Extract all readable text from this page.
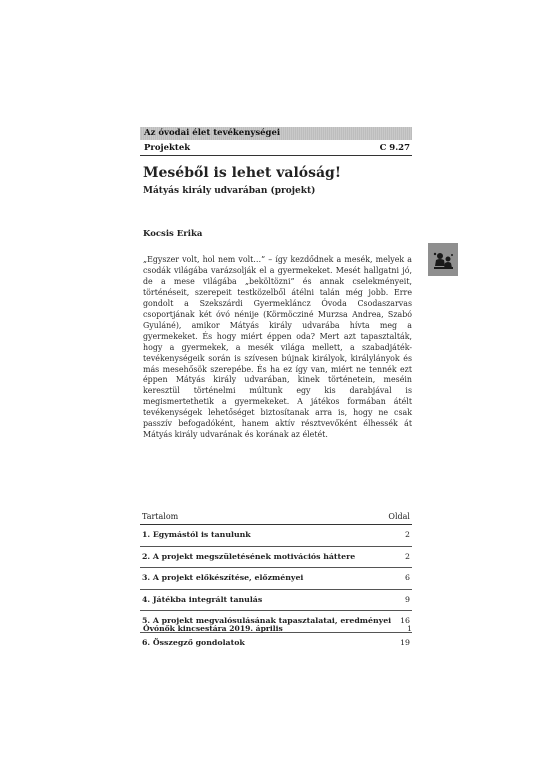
Az óvodai élet tevékenységei
Projektek	C 9.27
Meséből is lehet valóság!
Mátyás király udvarában (projekt)
Kocsis Erika

„Egyszer volt, hol nem volt…” – így kezdődnek a mesék, melyek a csodák világába varázsolják el a gyermekeket. Mesét hallgatni jó, de a mese világába „beköltözni” és annak cselekményeit, történéseit, szerepeit testközelből átélni talán még jobb. Erre gondolt a Szekszárdi Gyermekláncz Óvoda Csodaszarvas csoportjának két óvó nénije (Körmöcziné Murzsa Andrea, Szabó Gyuláné), amikor Mátyás király udvarába hívta meg a gyermekeket. És hogy miért éppen oda? Mert azt tapasztalták, hogy a gyermekek, a mesék világa mellett, a szabadjáték-tevékenységeik során is szívesen bújnak királyok, királylányok és más mesehősök szerepébe. És ha ez így van, miért ne tennék ezt éppen Mátyás király udvarában, kinek történetein, meséin keresztül történelmi múltunk egy kis darabjával is megismertethetik a gyermekeket. A játékos formában átélt tevékenységek lehetőséget biztosítanak arra is, hogy ne csak passzív befogadóként, hanem aktív résztvevőként élhessék át Mátyás király udvarának és korának az életét.

Tartalom	Oldal
1. Egymástól is tanulunk	2
2. A projekt megszületésének motivációs háttere	2
3. A projekt előkészítése, előzményei	6
4. Játékba integrált tanulás	9
5. A projekt megvalósulásának tapasztalatai, eredményei 16
6. Összegző gondolatok	19
Óvónők kincsestára 2019. április	1
